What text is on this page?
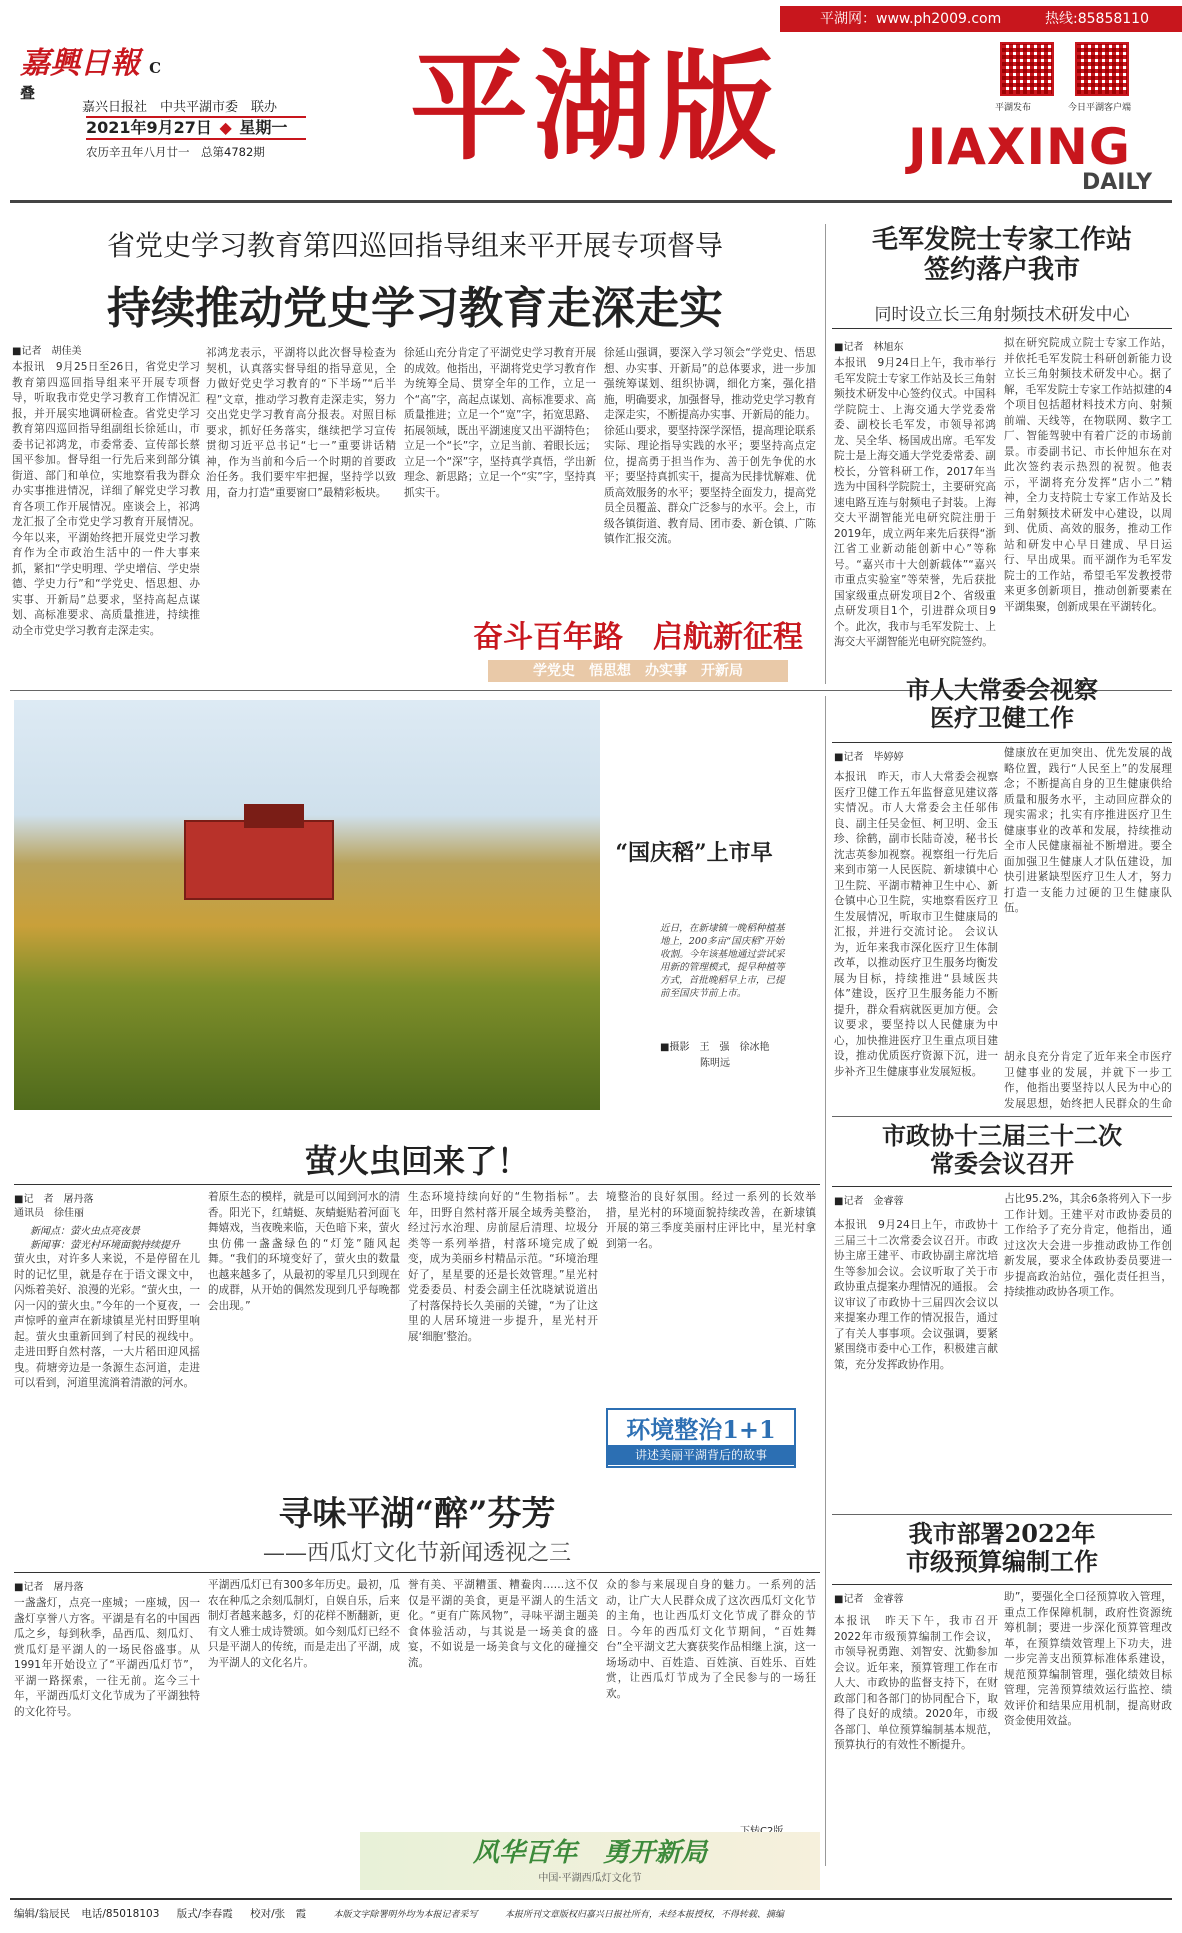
平湖网：www.ph2009.com	热线:85858110
嘉興日報 C叠
嘉兴日报社　中共平湖市委　联办
2021年9月27日 ◆ 星期一
农历辛丑年八月廿一　总第4782期 平湖版	平湖发布	今日平湖客户端
JIAXING
DAILY
省党史学习教育第四巡回指导组来平开展专项督导
持续推动党史学习教育走深走实
■记者　胡佳美
本报讯　9月25日至26日，省党史学习教育第四巡回指导组来平开展专项督导，听取我市党史学习教育工作情况汇报，并开展实地调研检查。省党史学习教育第四巡回指导组副组长徐延山，市委书记祁鸿龙，市委常委、宣传部长蔡国平参加。督导组一行先后来到部分镇街道、部门和单位，实地察看我为群众办实事推进情况，详细了解党史学习教育各项工作开展情况。座谈会上，祁鸿龙汇报了全市党史学习教育开展情况。今年以来，平湖始终把开展党史学习教育作为全市政治生活中的一件大事来抓，紧扣“学史明理、学史增信、学史崇德、学史力行”和“学党史、悟思想、办实事、开新局”总要求，坚持高起点谋划、高标准要求、高质量推进，持续推动全市党史学习教育走深走实。
祁鸿龙表示，平湖将以此次督导检查为契机，认真落实督导组的指导意见，全力做好党史学习教育的“下半场”“后半程”文章，推动学习教育走深走实，努力交出党史学习教育高分报表。对照目标要求，抓好任务落实，继续把学习宣传贯彻习近平总书记“七一”重要讲话精神，作为当前和今后一个时期的首要政治任务。我们要牢牢把握，坚持学以致用，奋力打造“重要窗口”最精彩板块。
徐延山充分肯定了平湖党史学习教育开展的成效。他指出，平湖将党史学习教育作为统筹全局、贯穿全年的工作，立足一个“高”字，高起点谋划、高标准要求、高质量推进；立足一个“宽”字，拓宽思路、拓展领域，既出平湖速度又出平湖特色；立足一个“长”字，立足当前、着眼长远；立足一个“深”字，坚持真学真悟，学出新理念、新思路；立足一个“实”字，坚持真抓实干。
徐延山强调，要深入学习领会“学党史、悟思想、办实事、开新局”的总体要求，进一步加强统筹谋划、组织协调，细化方案，强化措施，明确要求，加强督导，推动党史学习教育走深走实，不断提高办实事、开新局的能力。徐延山要求，要坚持深学深悟，提高理论联系实际、理论指导实践的水平；要坚持高点定位，提高勇于担当作为、善于创先争优的水平；要坚持真抓实干，提高为民排忧解难、优质高效服务的水平；要坚持全面发力，提高党员全员覆盖、群众广泛参与的水平。会上，市级各镇街道、教育局、团市委、新仓镇、广陈镇作汇报交流。
奋斗百年路　启航新征程
学党史　悟思想　办实事　开新局
毛军发院士专家工作站
签约落户我市
同时设立长三角射频技术研发中心
■记者　林旭东
本报讯　9月24日上午，我市举行毛军发院士专家工作站及长三角射频技术研发中心签约仪式。中国科学院院士、上海交通大学党委常委、副校长毛军发，市领导祁鸿龙、吴全华、杨国成出席。毛军发院士是上海交通大学党委常委、副校长，分管科研工作，2017年当选为中国科学院院士，主要研究高速电路互连与射频电子封装。上海交大平湖智能光电研究院注册于2019年，成立两年来先后获得“浙江省工业新动能创新中心”等称号。“嘉兴市十大创新载体”“嘉兴市重点实验室”等荣誉，先后获批国家级重点研发项目2个、省级重点研发项目1个，引进群众项目9个。此次，我市与毛军发院士、上海交大平湖智能光电研究院签约。
拟在研究院成立院士专家工作站，并依托毛军发院士科研创新能力设立长三角射频技术研发中心。据了解，毛军发院士专家工作站拟建的4个项目包括超材料技术方向、射频前端、天线等，在物联网、数字工厂、智能驾驶中有着广泛的市场前景。市委副书记、市长仲旭东在对此次签约表示热烈的祝贺。他表示，平湖将充分发挥“店小二”精神，全力支持院士专家工作站及长三角射频技术研发中心建设，以周到、优质、高效的服务，推动工作站和研发中心早日建成、早日运行、早出成果。而平湖作为毛军发院士的工作站，希望毛军发教授带来更多创新项目，推动创新要素在平湖集聚，创新成果在平湖转化。
“国庆稻”上市早
近日，在新埭镇一晚稻种植基地上，200多亩“国庆稻”开始收割。今年该基地通过尝试采用新的管理模式，提早种植等方式，首批晚稻早上市，已提前至国庆节前上市。
■摄影　王　强　徐冰艳
陈明远
市人大常委会视察
医疗卫健工作
■记者　毕婷婷
本报讯　昨天，市人大常委会视察医疗卫健工作五年监督意见建议落实情况。市人大常委会主任邬伟良、副主任吴金恒、柯卫明、金玉珍、徐鹤，副市长陆奇凌，秘书长沈志英参加视察。视察组一行先后来到市第一人民医院、新埭镇中心卫生院、平湖市精神卫生中心、新仓镇中心卫生院，实地察看医疗卫生发展情况，听取市卫生健康局的汇报，并进行交流讨论。 会议认为，近年来我市深化医疗卫生体制改革，以推动医疗卫生服务均衡发展为目标，持续推进“县域医共体”建设，医疗卫生服务能力不断提升，群众看病就医更加方便。会议要求，要坚持以人民健康为中心，加快推进医疗卫生重点项目建设，推动优质医疗资源下沉，进一步补齐卫生健康事业发展短板。
健康放在更加突出、优先发展的战略位置，践行“人民至上”的发展理念；不断提高自身的卫生健康供给质量和服务水平，主动回应群众的现实需求；扎实有序推进医疗卫生健康事业的改革和发展，持续推动全市人民健康福祉不断增进。要全面加强卫生健康人才队伍建设，加快引进紧缺型医疗卫生人才，努力打造一支能力过硬的卫生健康队伍。
胡永良充分肯定了近年来全市医疗卫健事业的发展，并就下一步工作，他指出要坚持以人民为中心的发展思想，始终把人民群众的生命
萤火虫回来了！
■记　者　屠丹落
通讯员　徐佳丽
新闻点：萤火虫点亮夜景
新闻事：萤光村环境面貌持续提升
萤火虫，对许多人来说，不是停留在儿时的记忆里，就是存在于语文课文中，闪烁着美好、浪漫的光彩。“萤火虫，一闪一闪的萤火虫。”今年的一个夏夜，一声惊呼的童声在新埭镇星光村田野里响起。萤火虫重新回到了村民的视线中。走进田野自然村落，一大片稻田迎风摇曳。荷塘旁边是一条源生态河道，走进可以看到，河道里流淌着清澈的河水。
着原生态的模样，就是可以闻到河水的清香。阳光下，红蜻蜓、灰蜻蜓贴着河面飞舞嬉戏，当夜晚来临，天色暗下来，萤火虫仿佛一盏盏绿色的“灯笼”随风起舞。“我们的环境变好了，萤火虫的数量也越来越多了，从最初的零星几只到现在的成群，从开始的偶然发现到几乎每晚都会出现。”
生态环境持续向好的“生物指标”。去年，田野自然村落开展全域秀美整治，经过污水治理、房前屋后清理、垃圾分类等一系列举措，村落环境完成了蜕变，成为美丽乡村精品示范。“环境治理好了，星星要的还是长效管理。”星光村党委委员、村委会副主任沈晓斌说道出了村落保持长久美丽的关键，“为了让这里的人居环境进一步提升，星光村开展‘细胞’整治。
境整治的良好氛围。经过一系列的长效举措，星光村的环境面貌持续改善，在新埭镇开展的第三季度美丽村庄评比中，星光村拿到第一名。
环境整治1+1
讲述美丽平湖背后的故事
市政协十三届三十二次
常委会议召开
■记者　金睿蓉
本报讯　9月24日上午，市政协十三届三十二次常委会议召开。市政协主席王建平、市政协副主席沈培生等参加会议。会议听取了关于市政协重点提案办理情况的通报。 会议审议了市政协十三届四次会议以来提案办理工作的情况报告，通过了有关人事事项。会议强调，要紧紧围绕市委中心工作，积极建言献策，充分发挥政协作用。
占比95.2%，其余6条将列入下一步工作计划。王建平对市政协委员的工作给予了充分肯定，他指出，通过这次大会进一步推动政协工作创新发展，要求全体政协委员要进一步提高政治站位，强化责任担当，持续推动政协各项工作。
寻味平湖“醉”芬芳
——西瓜灯文化节新闻透视之三
■记者　屠丹落
一盏盏灯，点亮一座城；一座城，因一盏灯享誉八方客。平湖是有名的中国西瓜之乡，每到秋季，品西瓜、刻瓜灯、赏瓜灯是平湖人的一场民俗盛事。从1991年开始设立了“平湖西瓜灯节”，平湖一路探索，一往无前。迄今三十年，平湖西瓜灯文化节成为了平湖独特的文化符号。
平湖西瓜灯已有300多年历史。最初，瓜农在种瓜之余刻瓜制灯，自娱自乐，后来制灯者越来越多，灯的花样不断翻新，更有文人雅士成诗赞颂。如今刻瓜灯已经不只是平湖人的传统，而是走出了平湖，成为平湖人的文化名片。
誉有美、平湖糟蛋、糟鲞肉……这不仅仅是平湖的美食，更是平湖人的生活文化。“更有广陈风物”，寻味平湖主题美食体验活动，与其说是一场美食的盛宴，不如说是一场美食与文化的碰撞交流。
众的参与来展现自身的魅力。一系列的活动，让广大人民群众成了这次西瓜灯文化节的主角，也让西瓜灯文化节成了群众的节日。今年的西瓜灯文化节期间，“百姓舞台”全平湖文艺大赛获奖作品相继上演，这一场场动中、百姓造、百姓演、百姓乐、百姓赏，让西瓜灯节成为了全民参与的一场狂欢。
风华百年　勇开新局
中国·平湖西瓜灯文化节
我市部署2022年
市级预算编制工作
■记者　金睿蓉
本报讯　昨天下午，我市召开2022年市级预算编制工作会议，市领导祝勇跑、刘智安、沈勤参加会议。近年来，预算管理工作在市人大、市政协的监督支持下，在财政部门和各部门的协同配合下，取得了良好的成绩。2020年，市级各部门、单位预算编制基本规范，预算执行的有效性不断提升。
助”，要强化全口径预算收入管理，重点工作保障机制，政府性资源统筹机制；要进一步深化预算管理改革，在预算绩效管理上下功夫，进一步完善支出预算标准体系建设，规范预算编制管理，强化绩效目标管理，完善预算绩效运行监控、绩效评价和结果应用机制，提高财政资金使用效益。
编辑/翁辰民 电话/85018103 版式/李春霞 校对/张　霞	本版文字除署明外均为本报记者采写	本报所刊文章版权归嘉兴日报社所有，未经本报授权，不得转载、摘编
